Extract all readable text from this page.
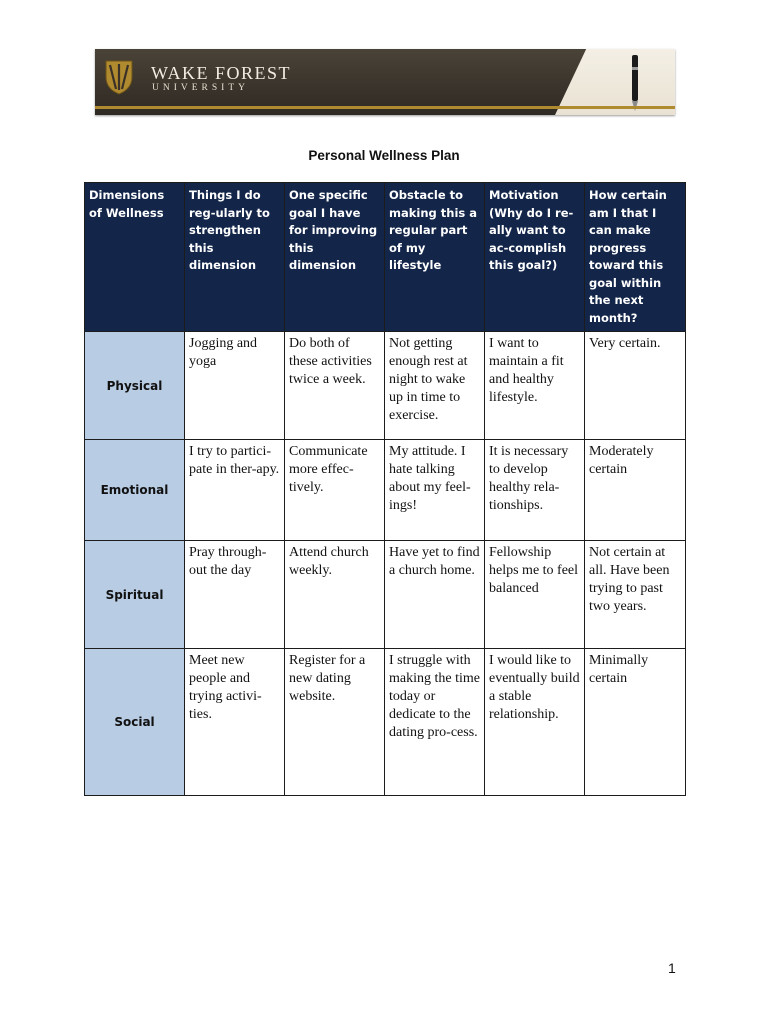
WAKE FOREST
UNIVERSITY
Personal Wellness Plan
Dimensions of Wellness	Things I do reg-ularly to strengthen this dimension	One specific goal I have for improving this dimension	Obstacle to making this a regular part of my lifestyle	Motivation (Why do I re-ally want to ac-complish this goal?)	How certain am I that I can make progress toward this goal within the next month?
Physical	Jogging and yoga	Do both of these activities twice a week.	Not getting enough rest at night to wake up in time to exercise.	I want to maintain a fit and healthy lifestyle.	Very certain.
Emotional	I try to partici-pate in ther-apy.	Communicate more effec-tively.	My attitude. I hate talking about my feel-ings!	It is necessary to develop healthy rela-tionships.	Moderately certain
Spiritual	Pray through-out the day	Attend church weekly.	Have yet to find a church home.	Fellowship helps me to feel balanced	Not certain at all. Have been trying to past two years.
Social	Meet new people and trying activi-ties.	Register for a new dating website.	I struggle with making the time today or dedicate to the dating pro-cess.	I would like to eventually build a stable relationship.	Minimally certain
1
